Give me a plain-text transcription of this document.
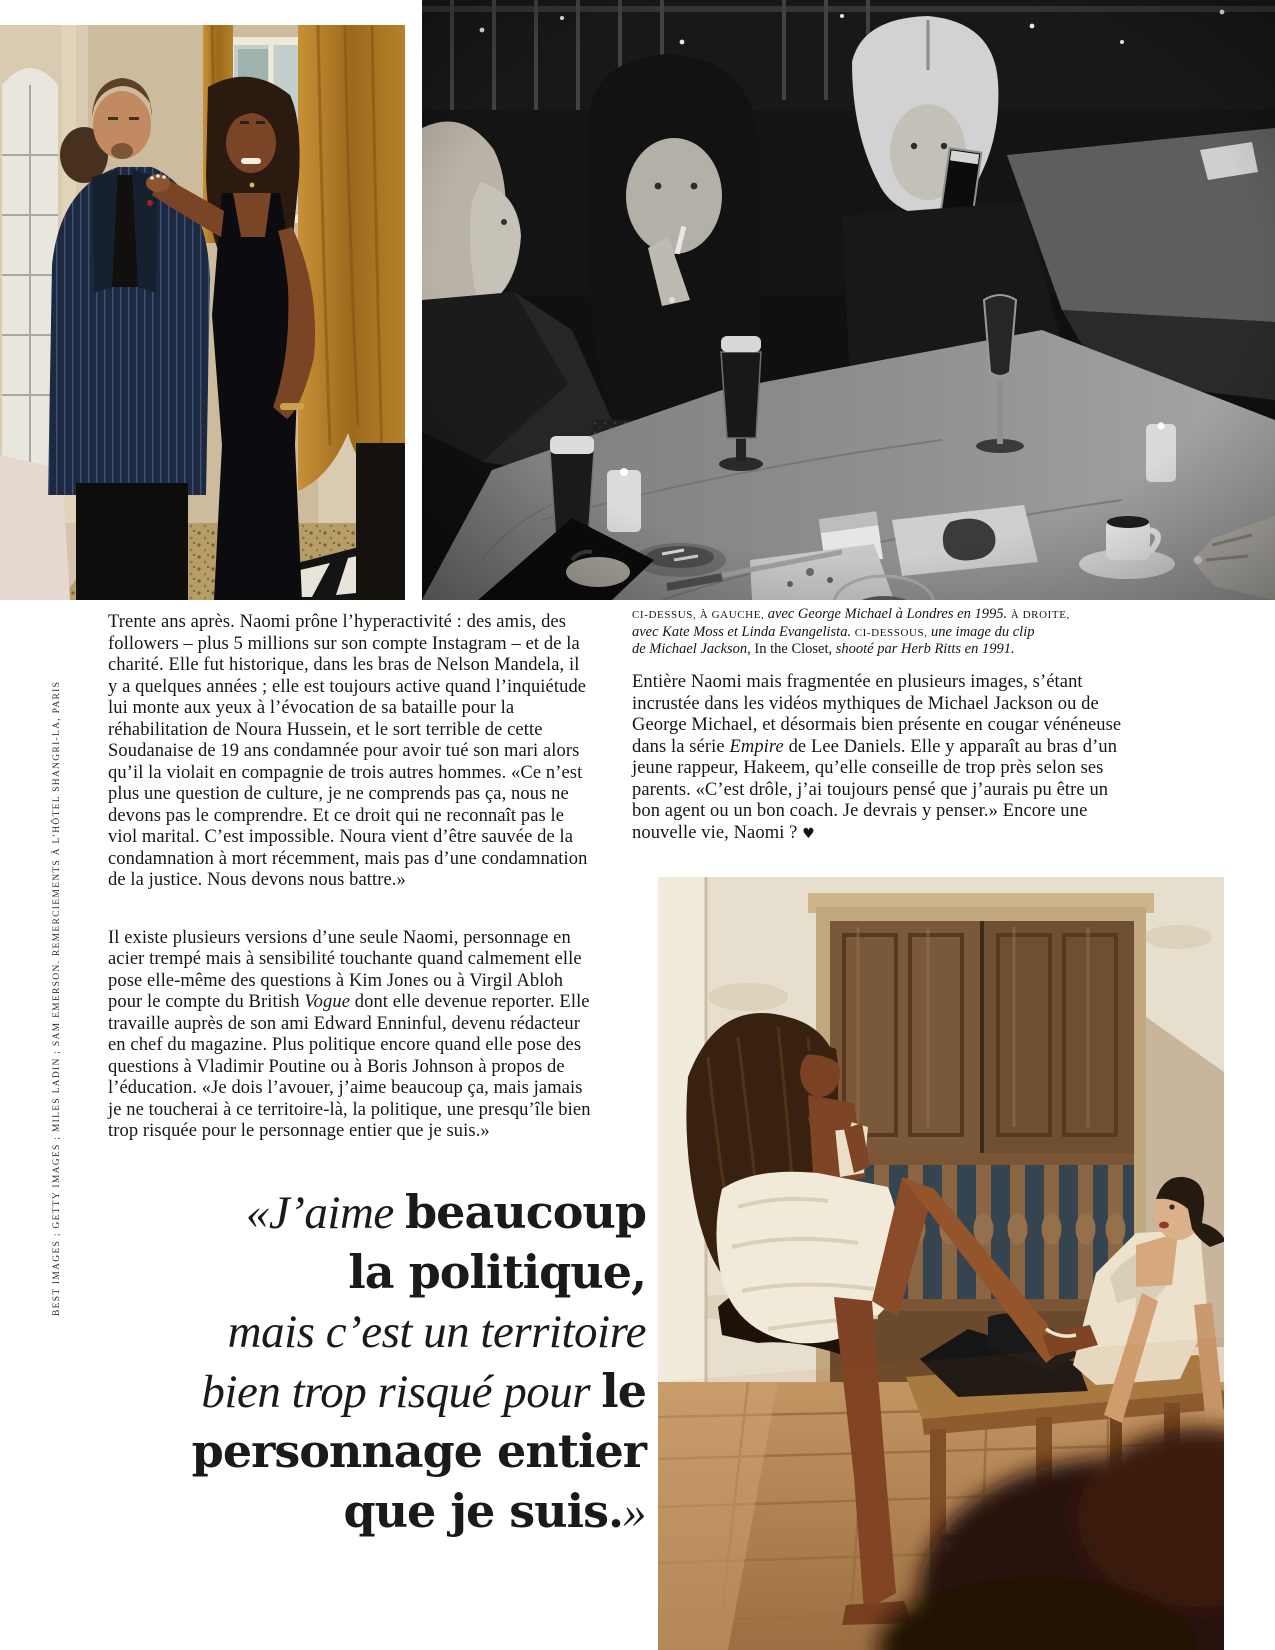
ci-dessus, à gauche, avec George Michael à Londres en 1995. à droite,
avec Kate Moss et Linda Evangelista. ci-dessous, une image du clip
de Michael Jackson, In the Closet, shooté par Herb Ritts en 1991.

Trente ans après. Naomi prône l’hyperactivité : des amis, des followers – plus 5 millions sur son compte Instagram – et de la charité. Elle fut historique, dans les bras de Nelson Mandela, il y a quelques années ; elle est toujours active quand l’inquiétude lui monte aux yeux à l’évocation de sa bataille pour la réhabilitation de Noura Hussein, et le sort terrible de cette Soudanaise de 19 ans condamnée pour avoir tué son mari alors qu’il la violait en compagnie de trois autres hommes. «Ce n’est plus une question de culture, je ne comprends pas ça, nous ne devons pas le comprendre. Et ce droit qui ne reconnaît pas le viol marital. C’est impossible. Noura vient d’être sauvée de la condamnation à mort récemment, mais pas d’une condamnation de la justice. Nous devons nous battre.»

Il existe plusieurs versions d’une seule Naomi, personnage en acier trempé mais à sensibilité touchante quand calmement elle pose elle-même des questions à Kim Jones ou à Virgil Abloh pour le compte du British Vogue dont elle devenue reporter. Elle travaille auprès de son ami Edward Enninful, devenu rédacteur en chef du magazine. Plus politique encore quand elle pose des questions à Vladimir Poutine ou à Boris Johnson à propos de l’éducation. «Je dois l’avouer, j’aime beaucoup ça, mais jamais je ne toucherai à ce territoire-là, la politique, une presqu’île bien trop risquée pour le personnage entier que je suis.»

Entière Naomi mais fragmentée en plusieurs images, s’étant incrustée dans les vidéos mythiques de Michael Jackson ou de George Michael, et désormais bien présente en cougar vénéneuse dans la série Empire de Lee Daniels. Elle y apparaît au bras d’un jeune rappeur, Hakeem, qu’elle conseille de trop près selon ses parents. «C’est drôle, j’ai toujours pensé que j’aurais pu être un bon agent ou un bon coach. Je devrais y penser.» Encore une nouvelle vie, Naomi ? ♥

«J’aime beaucoup
la politique,
mais c’est un territoire
bien trop risqué pour le
personnage entier
que je suis.»
BEST IMAGES ; GETTY IMAGES ; MILES LADIN ; SAM EMERSON. REMERCIEMENTS À L’HÔTEL SHANGRI-LA, PARIS
